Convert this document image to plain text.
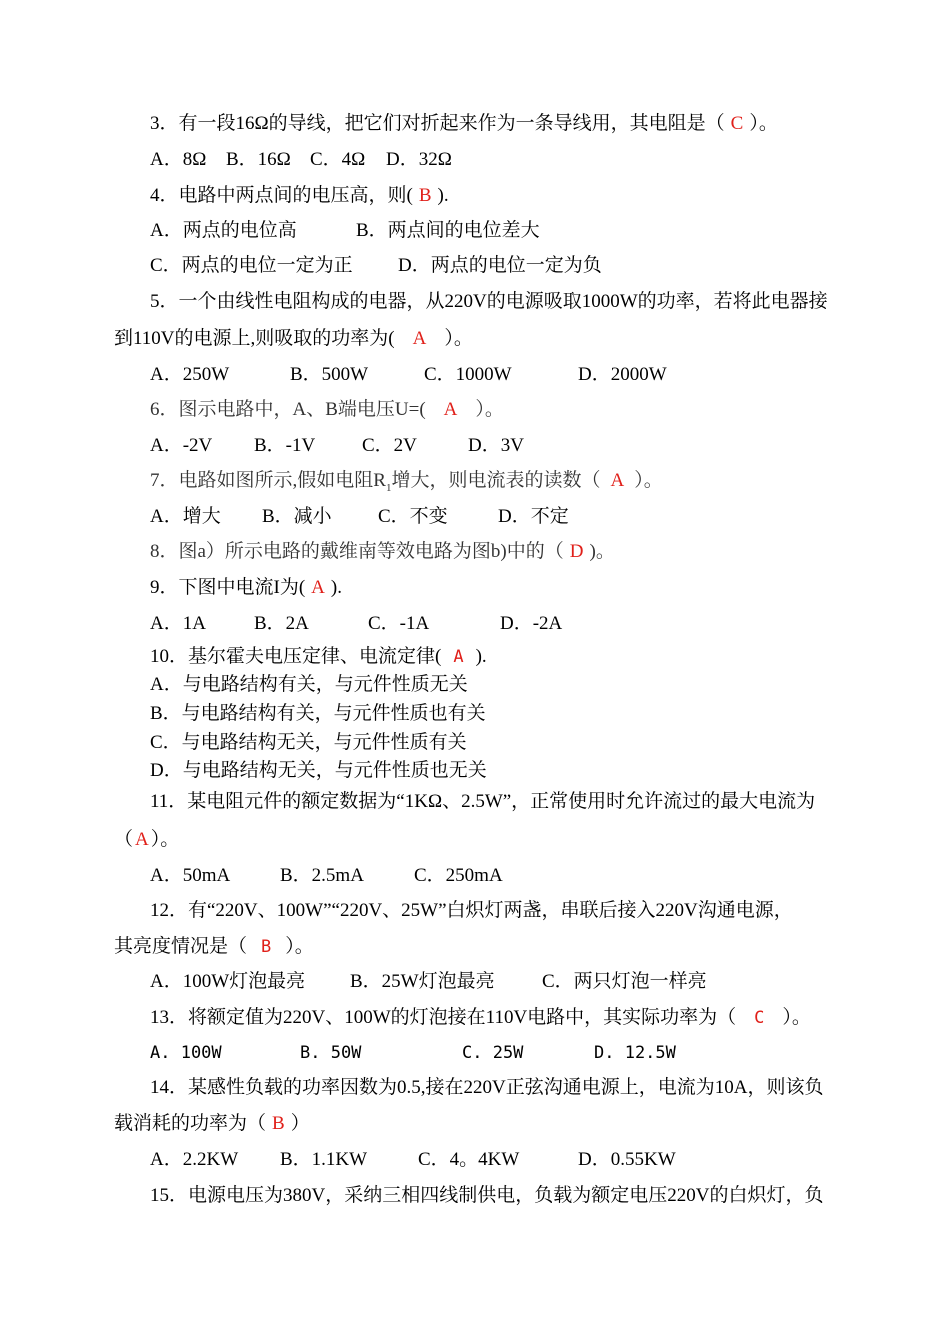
3．有一段16Ω的导线，把它们对折起来作为一条导线用，其电阻是（ C ）。
A．8Ω B．16Ω C．4Ω D．32Ω
4．电路中两点间的电压高，则( B ).
A．两点的电位高	B．两点间的电位差大
C．两点的电位一定为正 D．两点的电位一定为负
5．一个由线性电阻构成的电器，从220V的电源吸取1000W的功率，若将此电器接
到110V的电源上,则吸取的功率为( A ）。
A．250W	B．500W	C．1000W	D．2000W
6．图示电路中，A、B端电压U=( A ）。
A．-2V B．-1V C．2V	D．3V
7．电路如图所示,假如电阻$R_1$增大，则电流表的读数（ A ）。
A．增大 B．减小 C．不变	D．不定
8．图a）所示电路的戴维南等效电路为图b)中的（ D )。
9．下图中电流I为( A ).
A．1A	B．2A	C．-1A	D．-2A
10．基尔霍夫电压定律、电流定律( A ).
A．与电路结构有关，与元件性质无关
B．与电路结构有关，与元件性质也有关
C．与电路结构无关，与元件性质有关
D．与电路结构无关，与元件性质也无关
11．某电阻元件的额定数据为“1KΩ、2.5W”，正常使用时允许流过的最大电流为
（ A ）。
A．50mA	B．2.5mA	C．250mA
12．有“220V、100W”“220V、25W”白炽灯两盏，串联后接入220V沟通电源，
其亮度情况是（ B ）。
A．100W灯泡最亮 B．25W灯泡最亮 C．两只灯泡一样亮
13．将额定值为220V、100W的灯泡接在110V电路中，其实际功率为（ C ）。
A. 100W	B. 50W	C. 25W	D. 12.5W
14．某感性负载的功率因数为0.5,接在220V正弦沟通电源上，电流为10A，则该负
载消耗的功率为（ B ）
A．2.2KW B．1.1KW	C．4。4KW	D．0.55KW
15．电源电压为380V，采纳三相四线制供电，负载为额定电压220V的白炽灯，负
